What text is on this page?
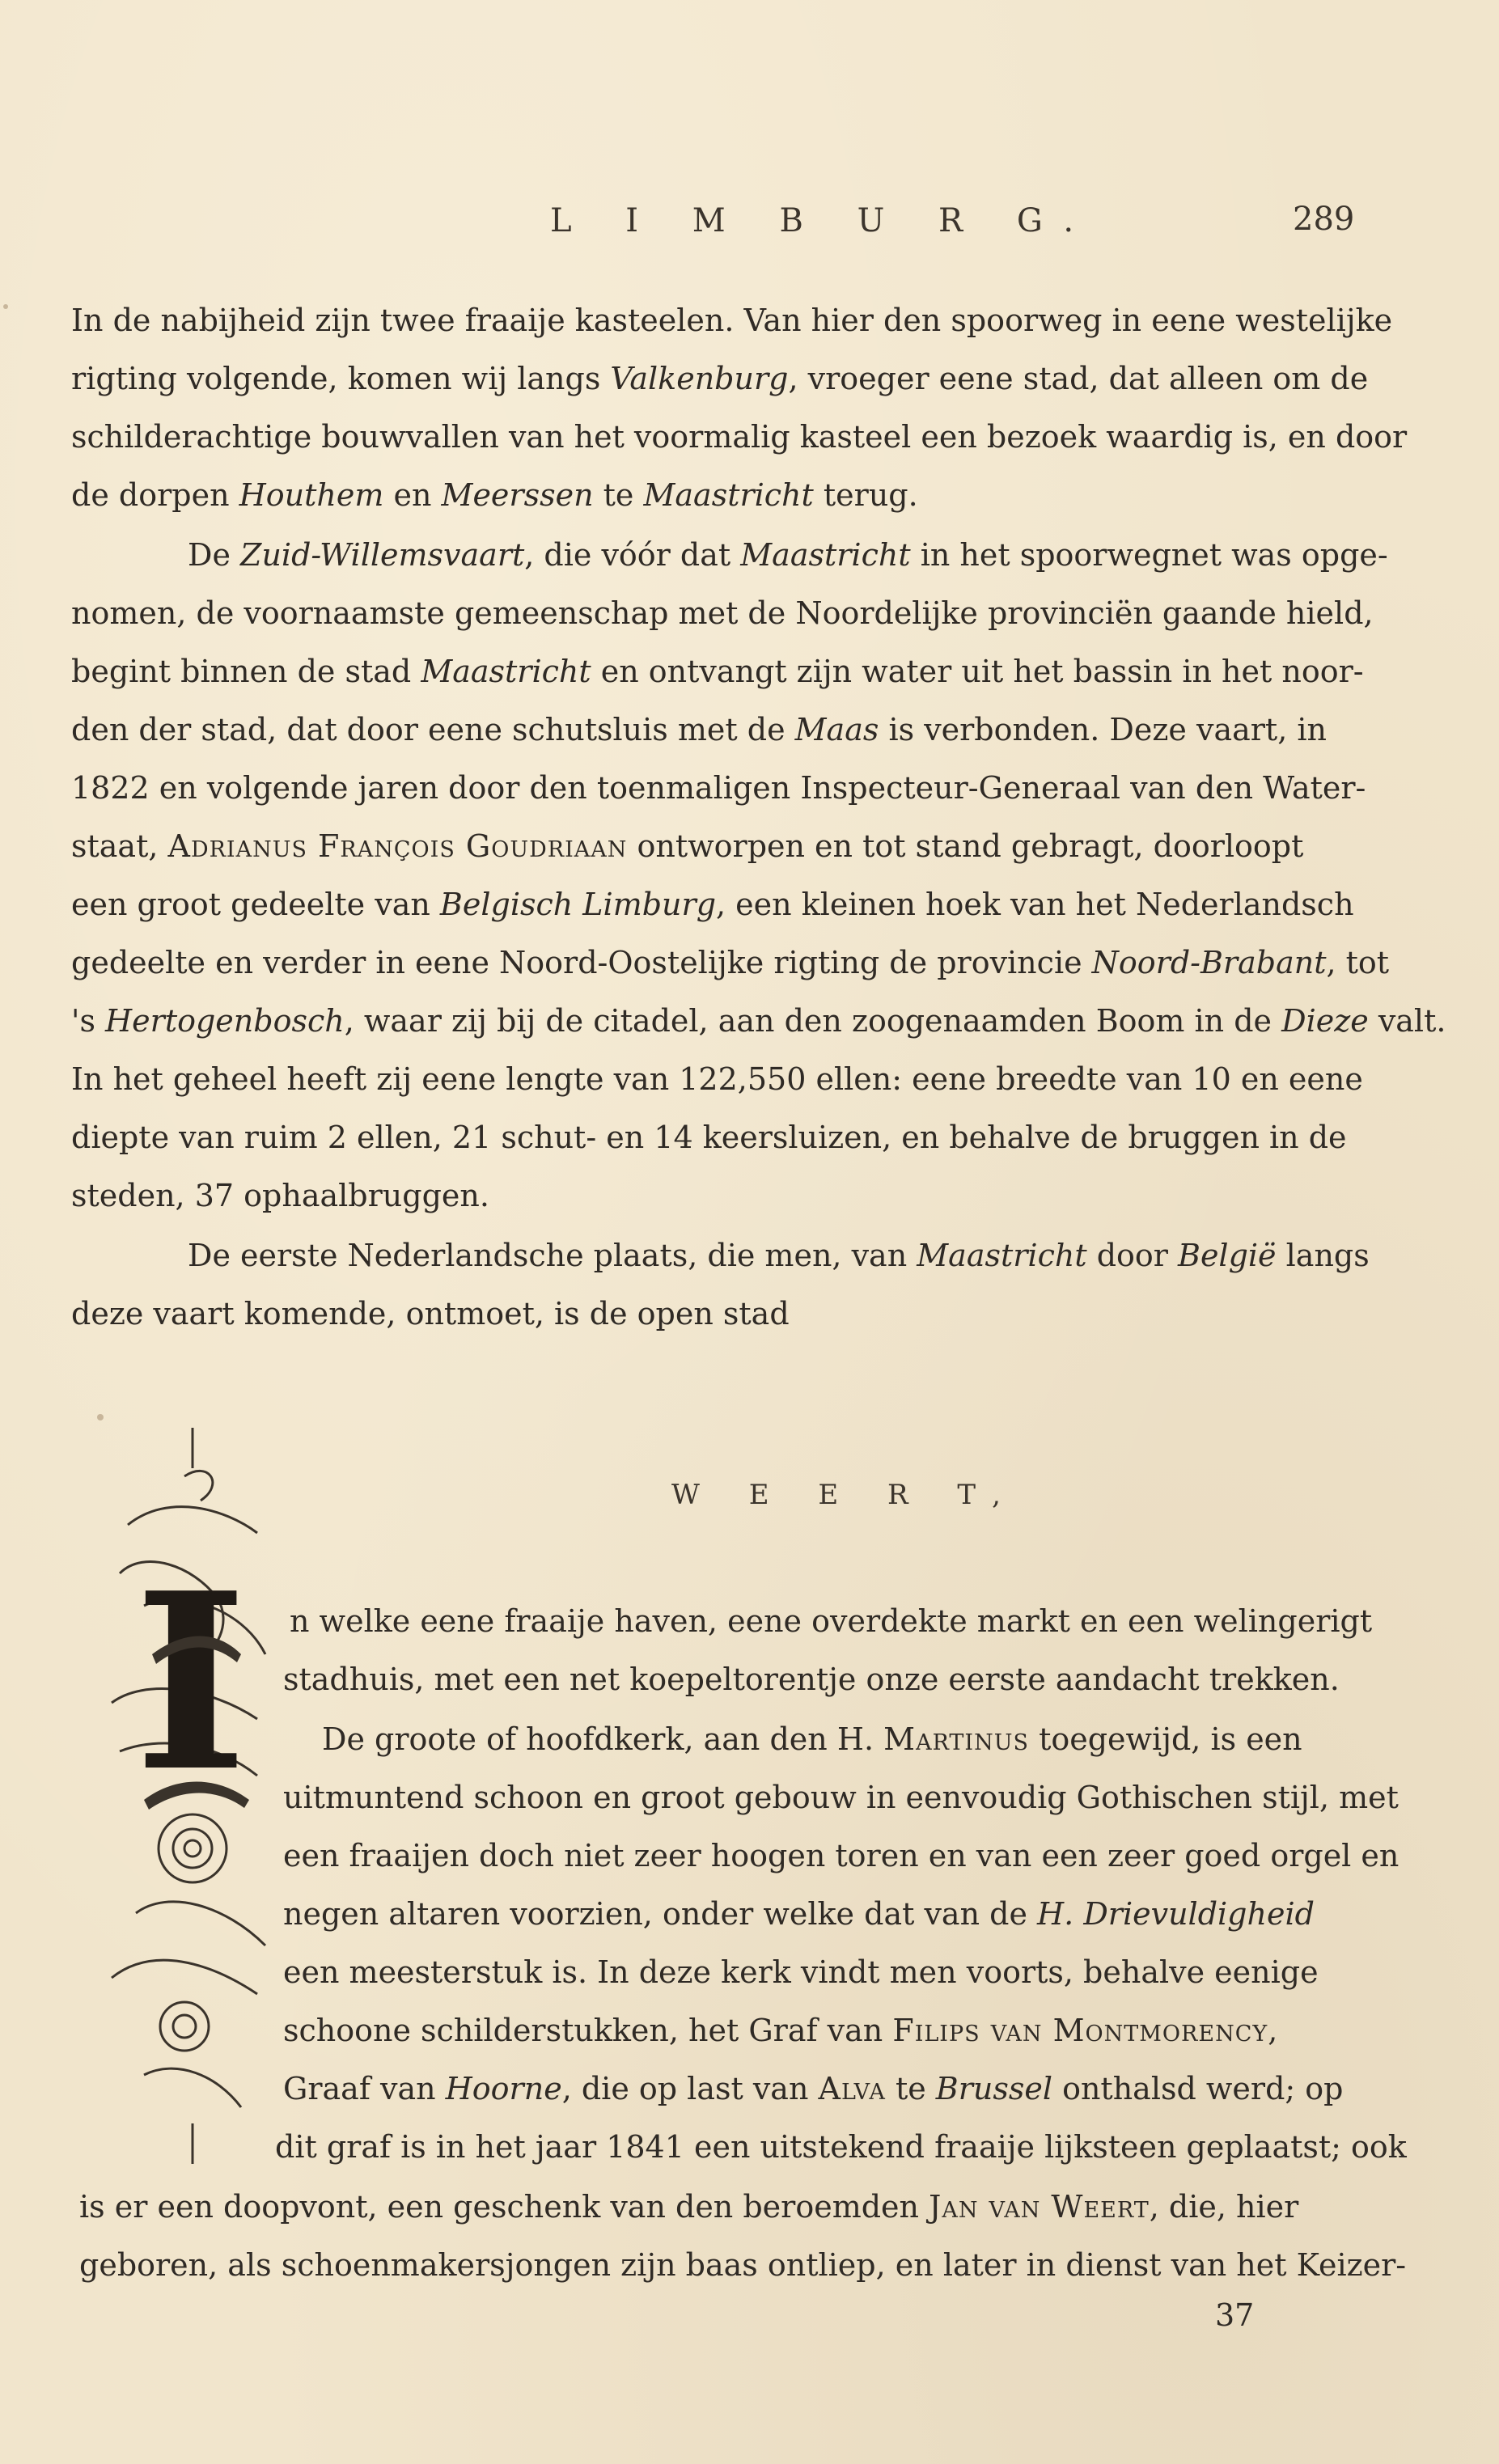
L I M B U R G.	289
In de nabijheid zijn twee fraaije kasteelen. Van hier den spoorweg in eene westelijke
rigting volgende, komen wij langs Valkenburg, vroeger eene stad, dat alleen om de
schilderachtige bouwvallen van het voormalig kasteel een bezoek waardig is, en door
de dorpen Houthem en Meerssen te Maastricht terug.
De Zuid-Willemsvaart, die vóór dat Maastricht in het spoorwegnet was opge-
nomen, de voornaamste gemeenschap met de Noordelijke provinciën gaande hield,
begint binnen de stad Maastricht en ontvangt zijn water uit het bassin in het noor-
den der stad, dat door eene schutsluis met de Maas is verbonden. Deze vaart, in
1822 en volgende jaren door den toenmaligen Inspecteur-Generaal van den Water-
staat, Adrianus François Goudriaan ontworpen en tot stand gebragt, doorloopt
een groot gedeelte van Belgisch Limburg, een kleinen hoek van het Nederlandsch
gedeelte en verder in eene Noord-Oostelijke rigting de provincie Noord-Brabant, tot
's Hertogenbosch, waar zij bij de citadel, aan den zoogenaamden Boom in de Dieze valt.
In het geheel heeft zij eene lengte van 122,550 ellen: eene breedte van 10 en eene
diepte van ruim 2 ellen, 21 schut- en 14 keersluizen, en behalve de bruggen in de
steden, 37 ophaalbruggen.
De eerste Nederlandsche plaats, die men, van Maastricht door België langs
deze vaart komende, ontmoet, is de open stad
W E E R T,
I n welke eene fraaije haven, eene overdekte markt en een welingerigt
stadhuis, met een net koepeltorentje onze eerste aandacht trekken.
De groote of hoofdkerk, aan den H. Martinus toegewijd, is een
uitmuntend schoon en groot gebouw in eenvoudig Gothischen stijl, met
een fraaijen doch niet zeer hoogen toren en van een zeer goed orgel en
negen altaren voorzien, onder welke dat van de H. Drievuldigheid
een meesterstuk is. In deze kerk vindt men voorts, behalve eenige
schoone schilderstukken, het Graf van Filips van Montmorency,
Graaf van Hoorne, die op last van Alva te Brussel onthalsd werd; op
dit graf is in het jaar 1841 een uitstekend fraaije lijksteen geplaatst; ook
is er een doopvont, een geschenk van den beroemden Jan van Weert, die, hier
geboren, als schoenmakersjongen zijn baas ontliep, en later in dienst van het Keizer-
37
